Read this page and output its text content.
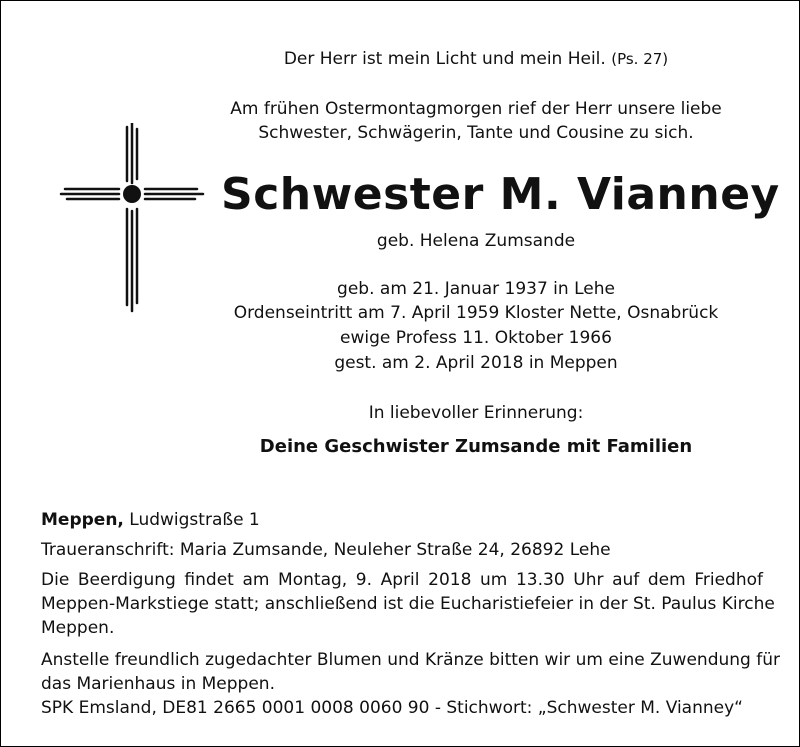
Der Herr ist mein Licht und mein Heil. (Ps. 27)
Am frühen Ostermontagmorgen rief der Herr unsere liebe
Schwester, Schwägerin, Tante und Cousine zu sich.
Schwester M. Vianney
geb. Helena Zumsande
geb. am 21. Januar 1937 in Lehe
Ordenseintritt am 7. April 1959 Kloster Nette, Osnabrück
ewige Profess 11. Oktober 1966
gest. am 2. April 2018 in Meppen
In liebevoller Erinnerung:
Deine Geschwister Zumsande mit Familien
Meppen, Ludwigstraße 1
Traueranschrift: Maria Zumsande, Neuleher Straße 24, 26892 Lehe
Die Beerdigung findet am Montag, 9. April 2018 um 13.30 Uhr auf dem Friedhof
Meppen-Markstiege statt; anschließend ist die Eucharistiefeier in der St. Paulus Kirche
Meppen.
Anstelle freundlich zugedachter Blumen und Kränze bitten wir um eine Zuwendung für
das Marienhaus in Meppen.
SPK Emsland, DE81 2665 0001 0008 0060 90 - Stichwort: „Schwester M. Vianney“
